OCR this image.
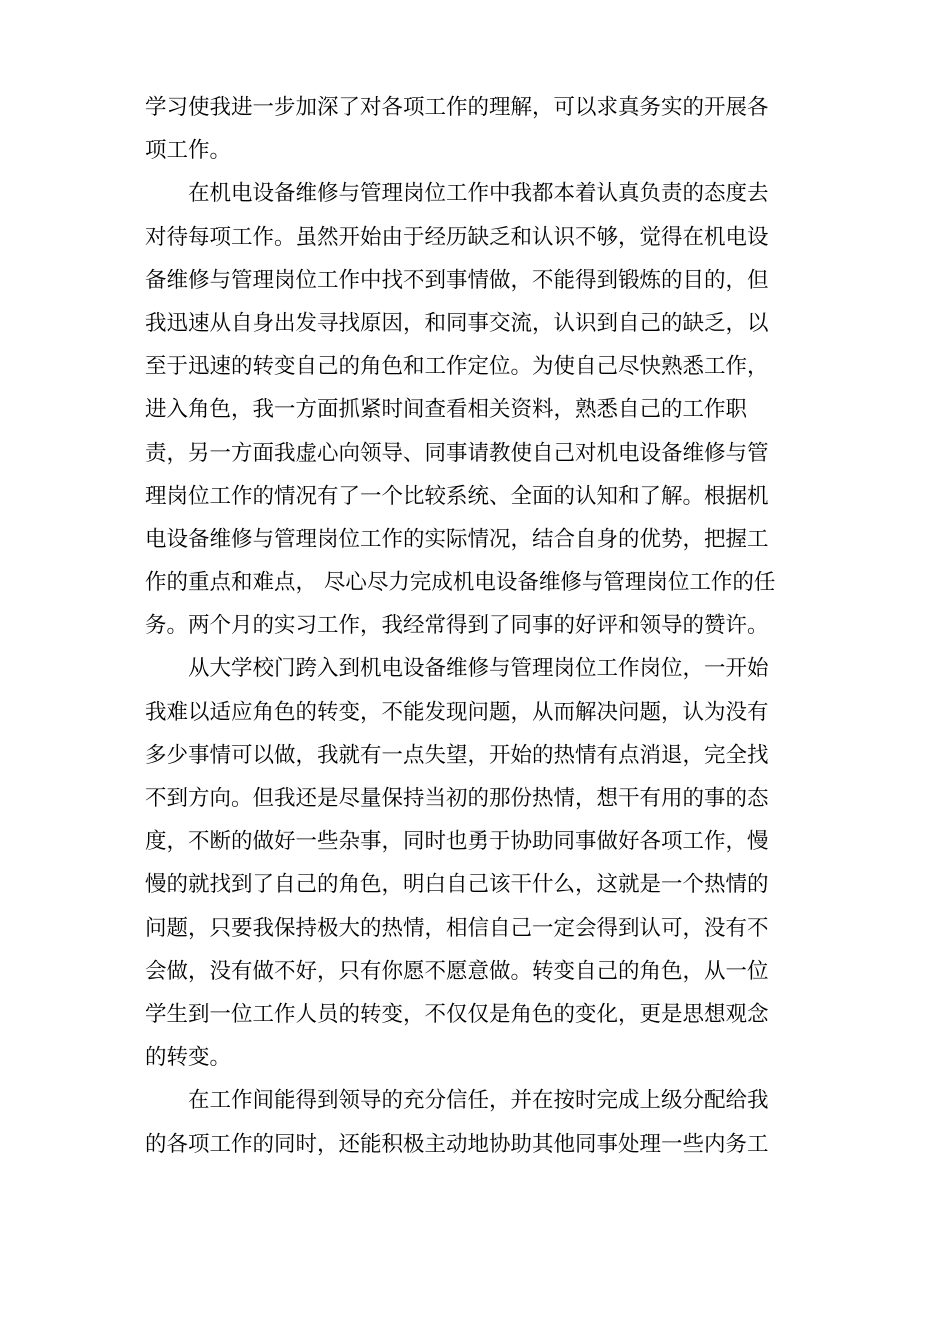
学习使我进一步加深了对各项工作的理解，可以求真务实的开展各
项工作。
在机电设备维修与管理岗位工作中我都本着认真负责的态度去
对待每项工作。虽然开始由于经历缺乏和认识不够，觉得在机电设
备维修与管理岗位工作中找不到事情做，不能得到锻炼的目的，但
我迅速从自身出发寻找原因，和同事交流，认识到自己的缺乏，以
至于迅速的转变自己的角色和工作定位。为使自己尽快熟悉工作，
进入角色，我一方面抓紧时间查看相关资料，熟悉自己的工作职
责，另一方面我虚心向领导、同事请教使自己对机电设备维修与管
理岗位工作的情况有了一个比较系统、全面的认知和了解。根据机
电设备维修与管理岗位工作的实际情况，结合自身的优势，把握工
作的重点和难点， 尽心尽力完成机电设备维修与管理岗位工作的任
务。两个月的实习工作，我经常得到了同事的好评和领导的赞许。
从大学校门跨入到机电设备维修与管理岗位工作岗位，一开始
我难以适应角色的转变，不能发现问题，从而解决问题，认为没有
多少事情可以做，我就有一点失望，开始的热情有点消退，完全找
不到方向。但我还是尽量保持当初的那份热情，想干有用的事的态
度，不断的做好一些杂事，同时也勇于协助同事做好各项工作，慢
慢的就找到了自己的角色，明白自己该干什么，这就是一个热情的
问题，只要我保持极大的热情，相信自己一定会得到认可，没有不
会做，没有做不好，只有你愿不愿意做。转变自己的角色，从一位
学生到一位工作人员的转变，不仅仅是角色的变化，更是思想观念
的转变。
在工作间能得到领导的充分信任，并在按时完成上级分配给我
的各项工作的同时，还能积极主动地协助其他同事处理一些内务工
